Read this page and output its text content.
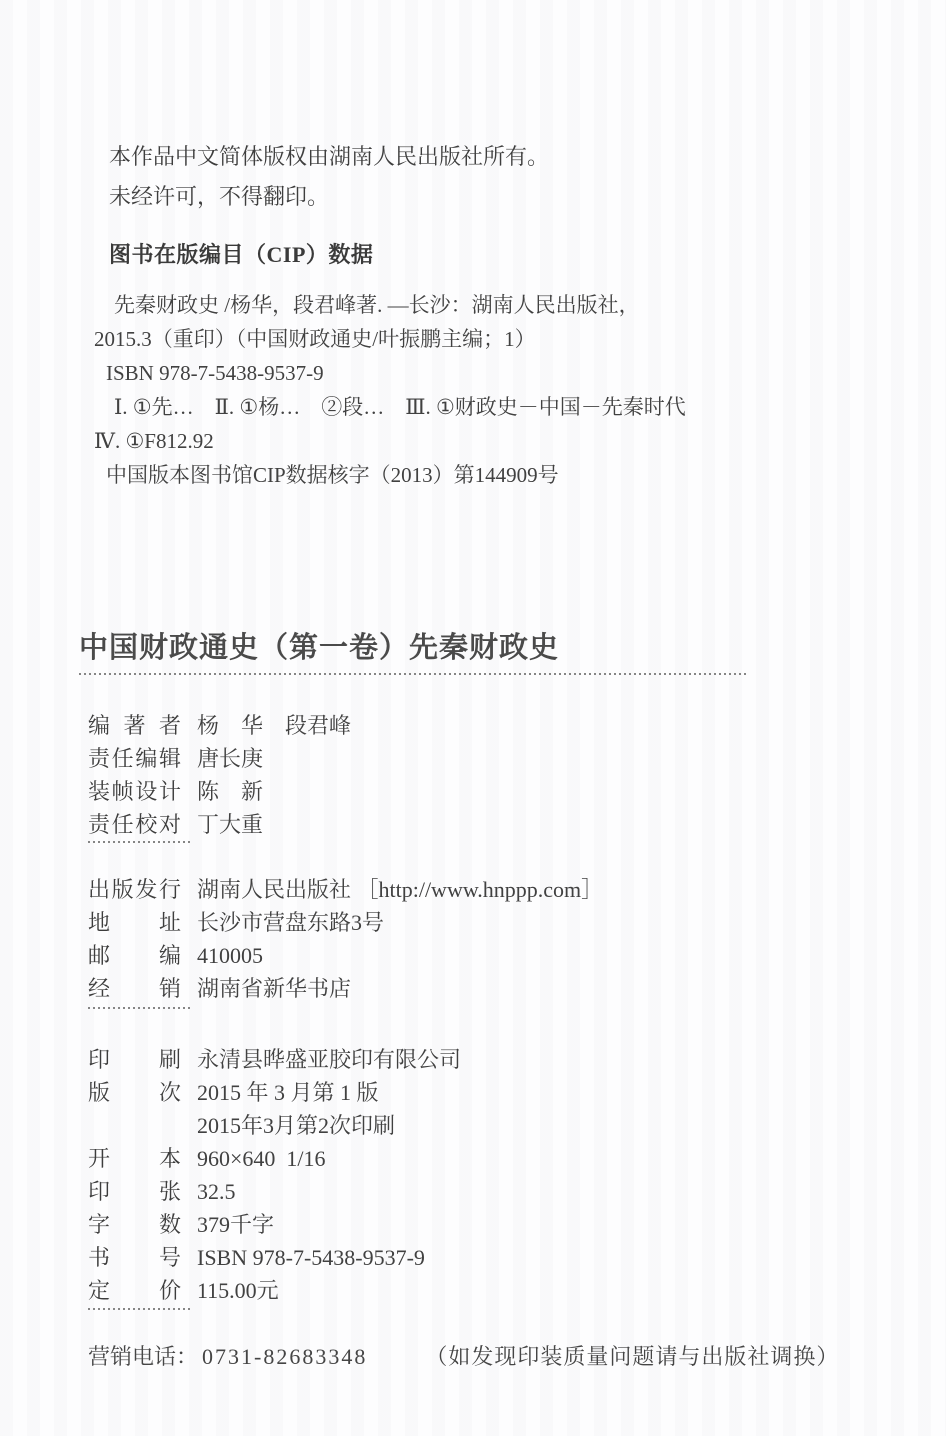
本作品中文简体版权由湖南人民出版社所有。
未经许可，不得翻印。
图书在版编目（CIP）数据
先秦财政史 /杨华，段君峰著. —长沙：湖南人民出版社，
2015.3（重印）（中国财政通史/叶振鹏主编；1）
ISBN 978-7-5438-9537-9
Ⅰ. ①先…　Ⅱ. ①杨…　②段…　Ⅲ. ①财政史－中国－先秦时代
Ⅳ. ①F812.92
中国版本图书馆CIP数据核字（2013）第144909号
中国财政通史（第一卷）先秦财政史
编 著 者 杨　华　段君峰
责 任 编 辑 唐长庚
装 帧 设 计 陈　新
责 任 校 对 丁大重
出 版 发 行 湖南人民出版社 ［http://www.hnppp.com］
地 址 长沙市营盘东路3号
邮 编 410005
经 销 湖南省新华书店
印 刷 永清县晔盛亚胶印有限公司
版 次 2015 年 3 月第 1 版
2015年3月第2次印刷
开 本 960×640  1/16
印 张 32.5
字 数 379千字
书 号 ISBN 978-7-5438-9537-9
定 价 115.00元
营销电话： 0731-82683348	（如发现印装质量问题请与出版社调换）
